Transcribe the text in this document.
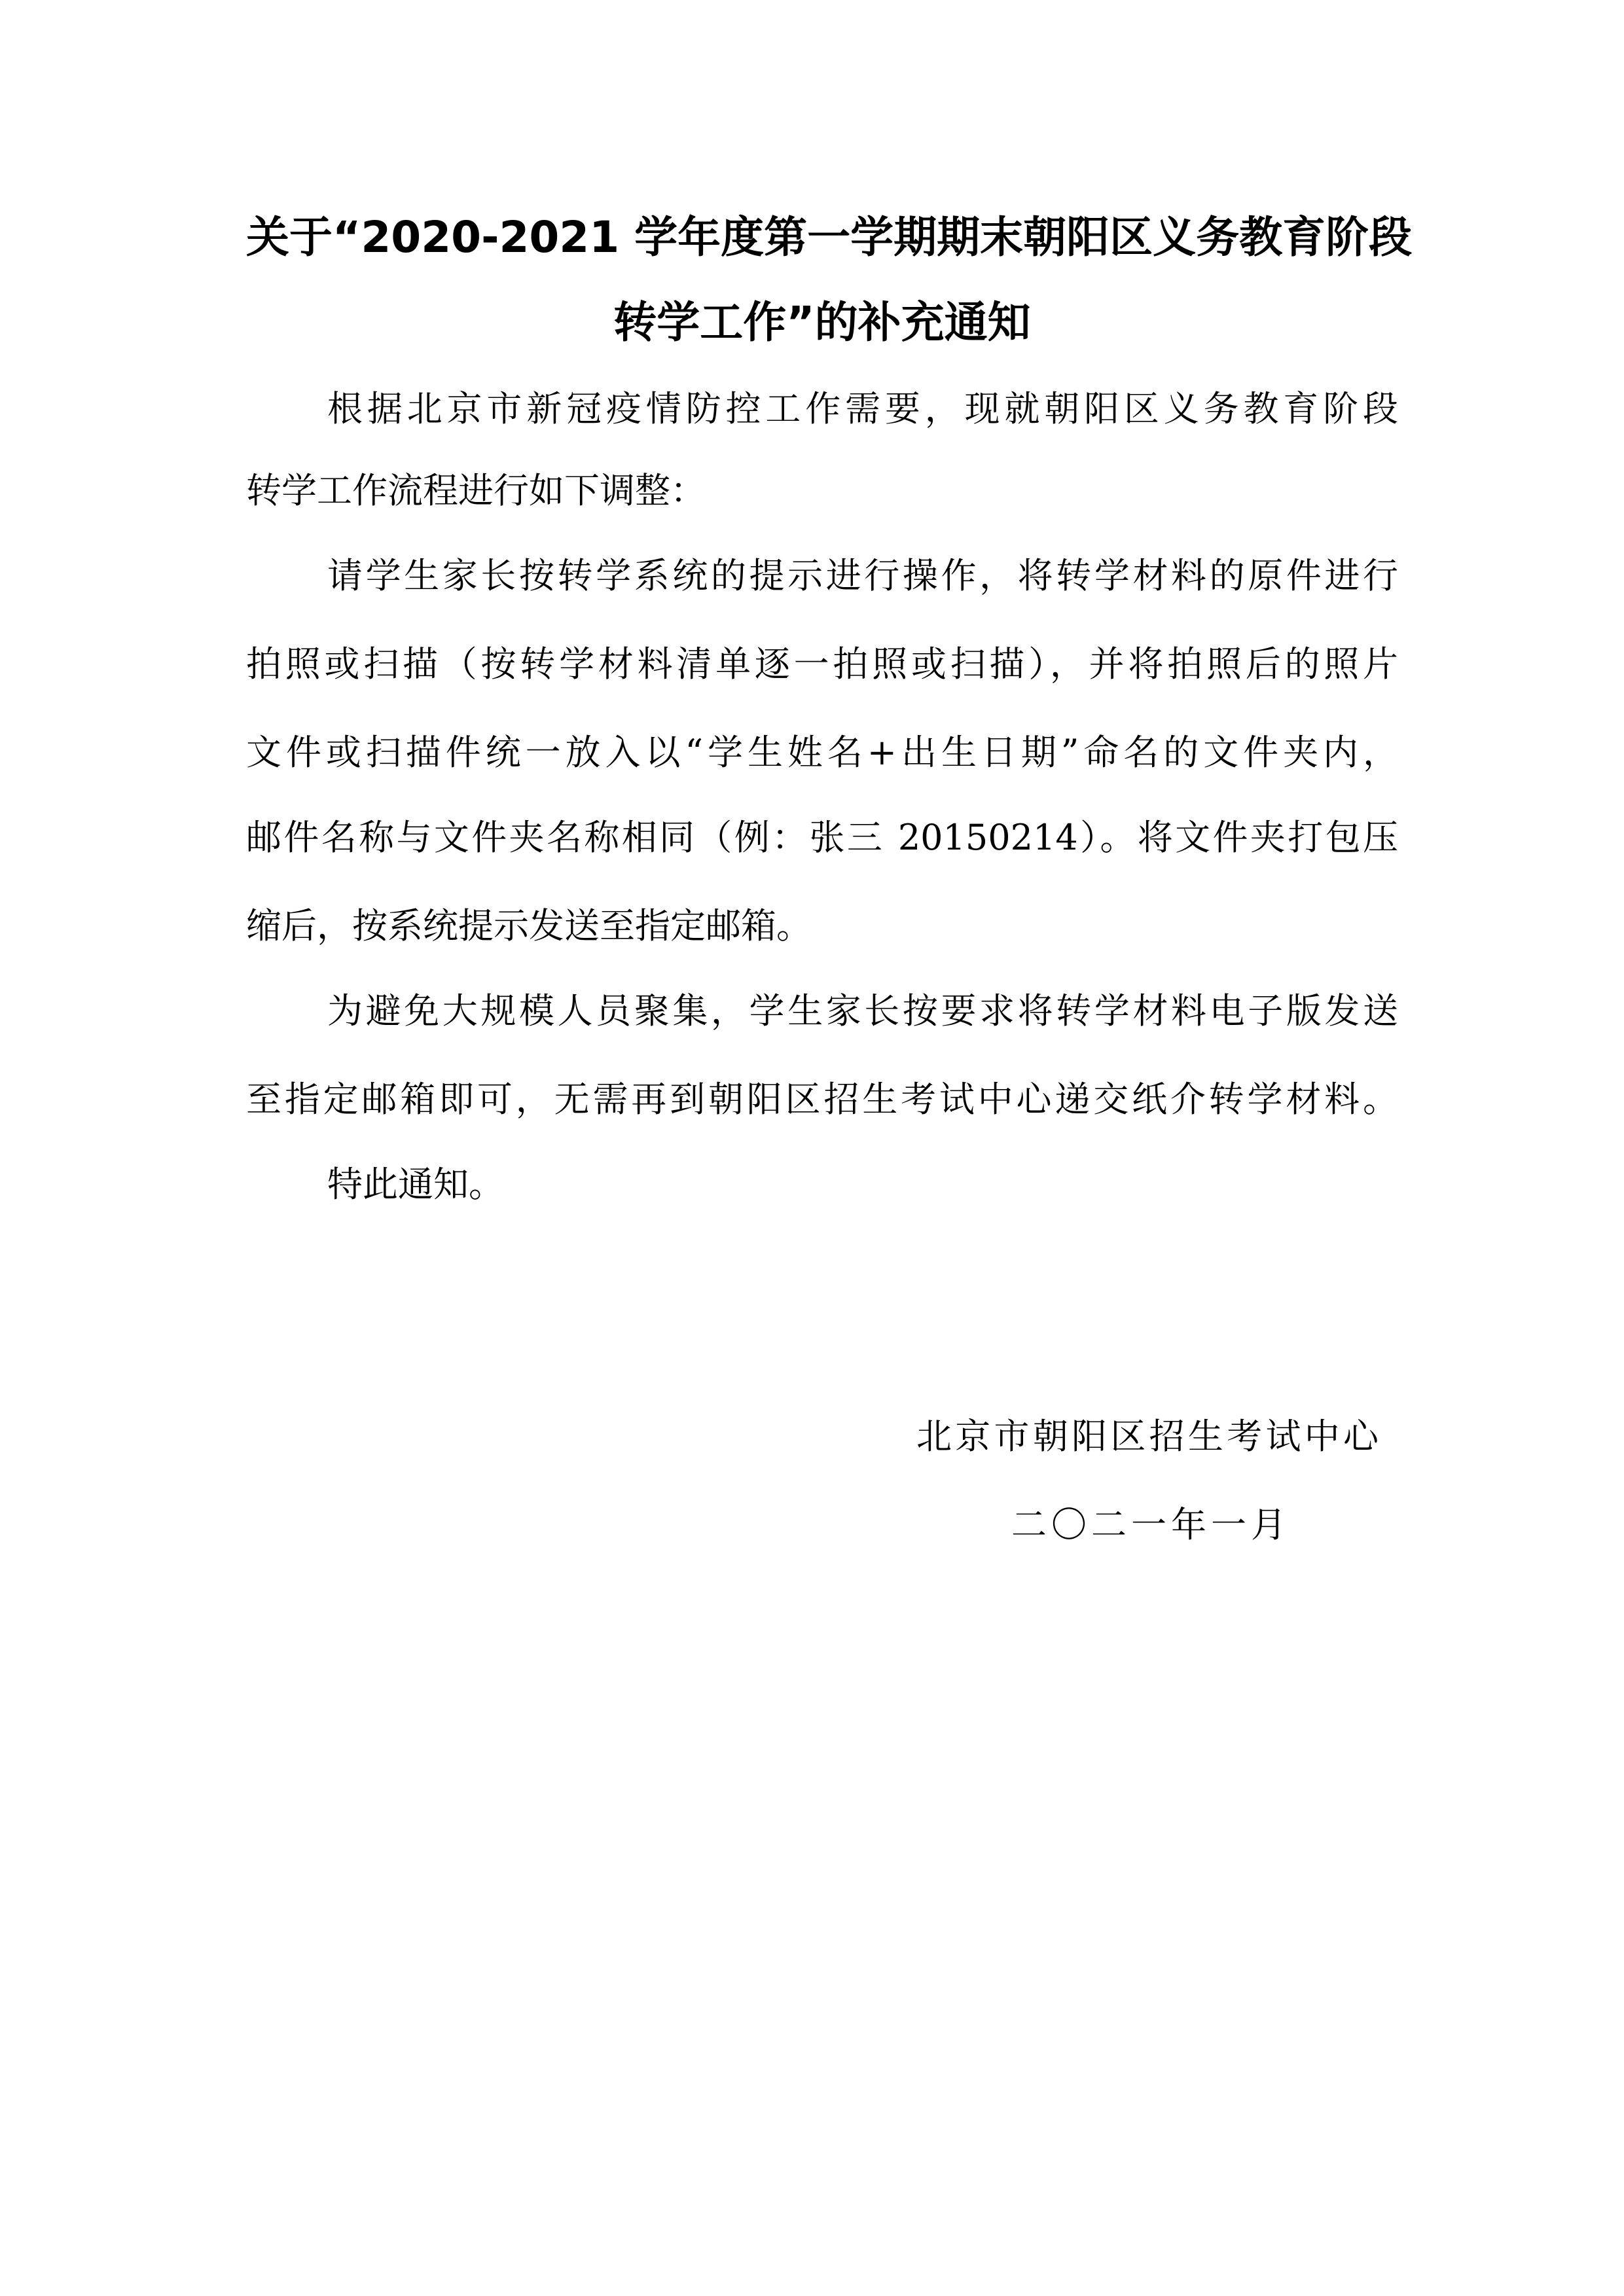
关于“2020-2021 学年度第一学期期末朝阳区义务教育阶段
转学工作”的补充通知

根据北京市新冠疫情防控工作需要，现就朝阳区义务教育阶段

转学工作流程进行如下调整：

请学生家长按转学系统的提示进行操作，将转学材料的原件进行

拍照或扫描（按转学材料清单逐一拍照或扫描），并将拍照后的照片

文件或扫描件统一放入以“学生姓名+出生日期”命名的文件夹内，

邮件名称与文件夹名称相同（例：张三 20150214）。将文件夹打包压

缩后，按系统提示发送至指定邮箱。

为避免大规模人员聚集，学生家长按要求将转学材料电子版发送

至指定邮箱即可，无需再到朝阳区招生考试中心递交纸介转学材料。

特此通知。

北京市朝阳区招生考试中心

二〇二一年一月
